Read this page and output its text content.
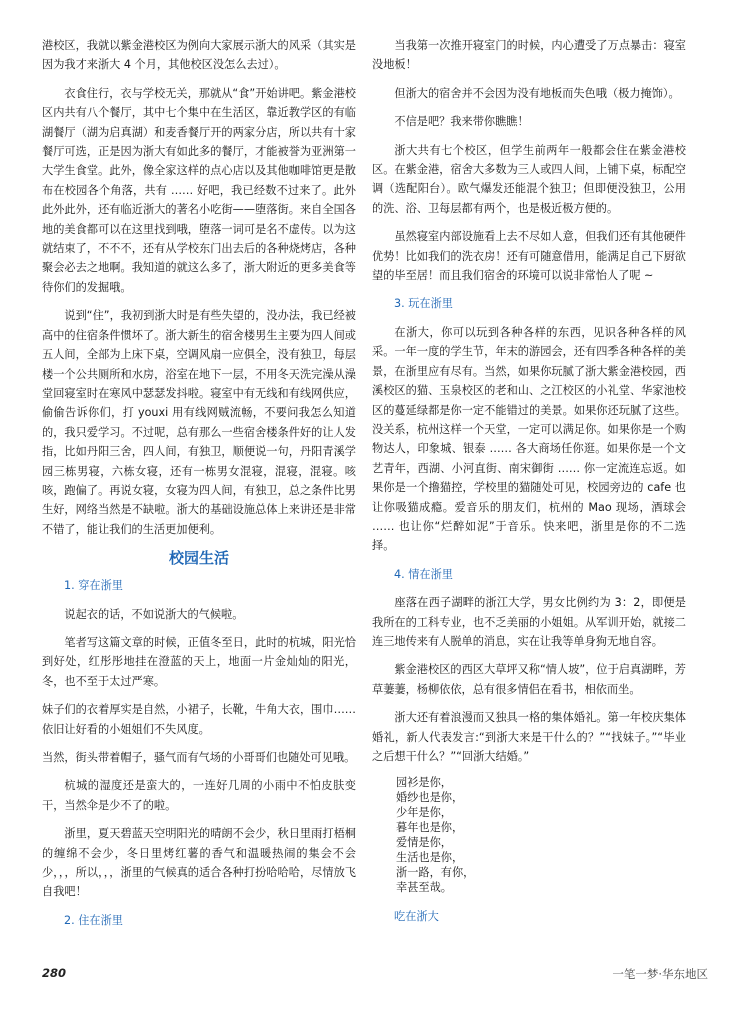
港校区，我就以紫金港校区为例向大家展示浙大的风采（其实是因为我才来浙大 4 个月，其他校区没怎么去过）。

衣食住行，衣与学校无关，那就从“食”开始讲吧。紫金港校区内共有八个餐厅，其中七个集中在生活区，靠近教学区的有临湖餐厅（湖为启真湖）和麦香餐厅开的两家分店，所以共有十家餐厅可选，正是因为浙大有如此多的餐厅，才能被誉为亚洲第一大学生食堂。此外，像全家这样的点心店以及其他咖啡馆更是散布在校园各个角落，共有 …… 好吧，我已经数不过来了。此外此外此外，还有临近浙大的著名小吃街——堕落街。来自全国各地的美食都可以在这里找到哦，堕落一词可是名不虚传。以为这就结束了，不不不，还有从学校东门出去后的各种烧烤店，各种聚会必去之地啊。我知道的就这么多了，浙大附近的更多美食等待你们的发掘哦。

说到“住”，我初到浙大时是有些失望的，没办法，我已经被高中的住宿条件惯坏了。浙大新生的宿舍楼男生主要为四人间或五人间，全部为上床下桌，空调风扇一应俱全，没有独卫，每层楼一个公共厕所和水房，浴室在地下一层，不用冬天洗完澡从澡堂回寝室时在寒风中瑟瑟发抖啦。寝室中有无线和有线网供应，偷偷告诉你们，打 youxi 用有线网贼流畅，不要问我怎么知道的，我只爱学习。不过呢，总有那么一些宿舍楼条件好的让人发指，比如丹阳三舍，四人间，有独卫，顺便说一句，丹阳青溪学园三栋男寝，六栋女寝，还有一栋男女混寝，混寝，混寝。咳咳，跑偏了。再说女寝，女寝为四人间，有独卫，总之条件比男生好，网络当然是不缺啦。浙大的基础设施总体上来讲还是非常不错了，能让我们的生活更加便利。

校园生活
1. 穿在浙里

说起衣的话，不如说浙大的气候啦。

笔者写这篇文章的时候，正值冬至日，此时的杭城，阳光恰到好处，红彤彤地挂在澄蓝的天上，地面一片金灿灿的阳光，冬，也不至于太过严寒。

妹子们的衣着厚实是自然，小裙子，长靴，牛角大衣，围巾……依旧让好看的小姐姐们不失风度。

当然，街头带着帽子，骚气而有气场的小哥哥们也随处可见哦。

杭城的湿度还是蛮大的，一连好几周的小雨中不怕皮肤变干，当然伞是少不了的啦。

浙里，夏天碧蓝天空明阳光的晴朗不会少，秋日里雨打梧桐的缠绵不会少，冬日里烤红薯的香气和温暖热闹的集会不会少，，，所以，，，浙里的气候真的适合各种打扮哈哈哈，尽情放飞自我吧！

2. 住在浙里

当我第一次推开寝室门的时候，内心遭受了万点暴击：寝室没地板！

但浙大的宿舍并不会因为没有地板而失色哦（极力掩饰）。

不信是吧？我来带你瞧瞧！

浙大共有七个校区，但学生前两年一般都会住在紫金港校区。在紫金港，宿舍大多数为三人或四人间，上铺下桌，标配空调（选配阳台）。欧气爆发还能混个独卫；但即便没独卫，公用的洗、浴、卫每层都有两个，也是极近极方便的。

虽然寝室内部设施看上去不尽如人意，但我们还有其他硬件优势！比如我们的洗衣房！还有可随意借用，能满足自己下厨欲望的毕至居！而且我们宿舍的环境可以说非常怡人了呢 ~

3. 玩在浙里

在浙大，你可以玩到各种各样的东西，见识各种各样的风采。一年一度的学生节，年末的游园会，还有四季各种各样的美景，在浙里应有尽有。当然，如果你玩腻了浙大紫金港校园，西溪校区的猫、玉泉校区的老和山、之江校区的小礼堂、华家池校区的蔓延绿都是你一定不能错过的美景。如果你还玩腻了这些。没关系，杭州这样一个天堂，一定可以满足你。如果你是一个购物达人，印象城、银泰 …… 各大商场任你逛。如果你是一个文艺青年，西湖、小河直街、南宋御街 …… 你一定流连忘返。如果你是一个撸猫控，学校里的猫随处可见，校园旁边的 cafe 也让你吸猫成瘾。爱音乐的朋友们，杭州的 Mao 现场，酒球会 …… 也让你“烂醉如泥”于音乐。快来吧，浙里是你的不二选择。

4. 情在浙里

座落在西子湖畔的浙江大学，男女比例约为 3：2，即便是我所在的工科专业，也不乏美丽的小姐姐。从军训开始，就接二连三地传来有人脱单的消息，实在让我等单身狗无地自容。

紫金港校区的西区大草坪又称“情人坡”，位于启真湖畔，芳草萋萋，杨柳依依，总有很多情侣在看书，相依而坐。

浙大还有着浪漫而又独具一格的集体婚礼。第一年校庆集体婚礼，新人代表发言:“到浙大来是干什么的？”“找妹子。”“毕业之后想干什么？”“回浙大结婚。”

园衫是你，
婚纱也是你，
少年是你，
暮年也是你，
爱情是你，
生活也是你，
浙一路，有你，
幸甚至哉。
吃在浙大
280	一笔一梦·华东地区
